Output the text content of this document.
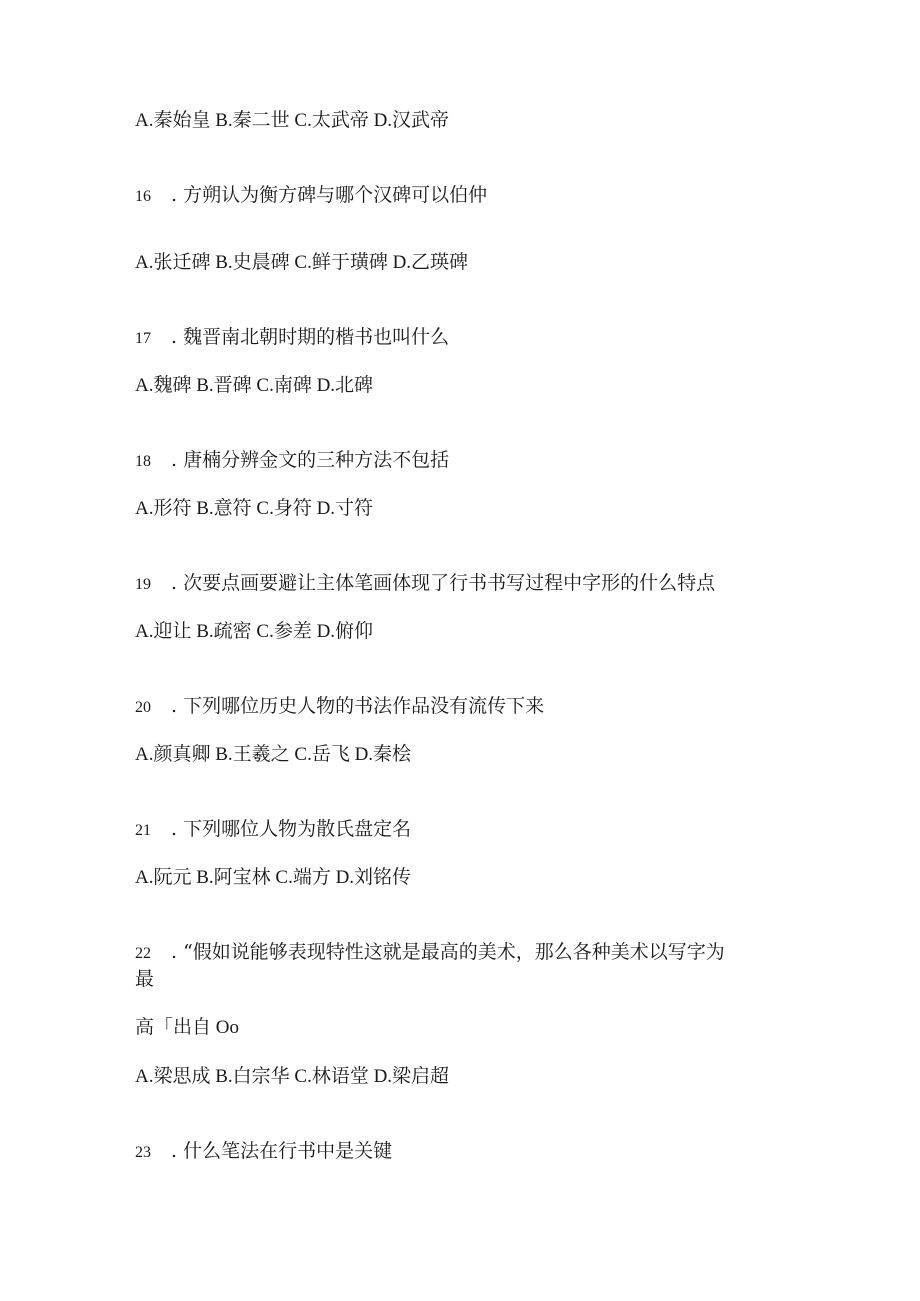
A.秦始皇 B.秦二世 C.太武帝 D.汉武帝
16	. 方朔认为衡方碑与哪个汉碑可以伯仲
A.张迁碑 B.史晨碑 C.鲜于璜碑 D.乙瑛碑
17	. 魏晋南北朝时期的楷书也叫什么
A.魏碑 B.晋碑 C.南碑 D.北碑
18	. 唐楠分辨金文的三种方法不包括
A.形符 B.意符 C.身符 D.寸符
19	. 次要点画要避让主体笔画体现了行书书写过程中字形的什么特点
A.迎让 B.疏密 C.参差 D.俯仰
20	. 下列哪位历史人物的书法作品没有流传下来
A.颜真卿 B.王羲之 C.岳飞 D.秦桧
21	. 下列哪位人物为散氏盘定名
A.阮元 B.阿宝林 C.端方 D.刘铭传
22	. “假如说能够表现特性这就是最高的美术，那么各种美术以写字为
最
高「出自 Oo
A.梁思成 B.白宗华 C.林语堂 D.梁启超
23	. 什么笔法在行书中是关键
